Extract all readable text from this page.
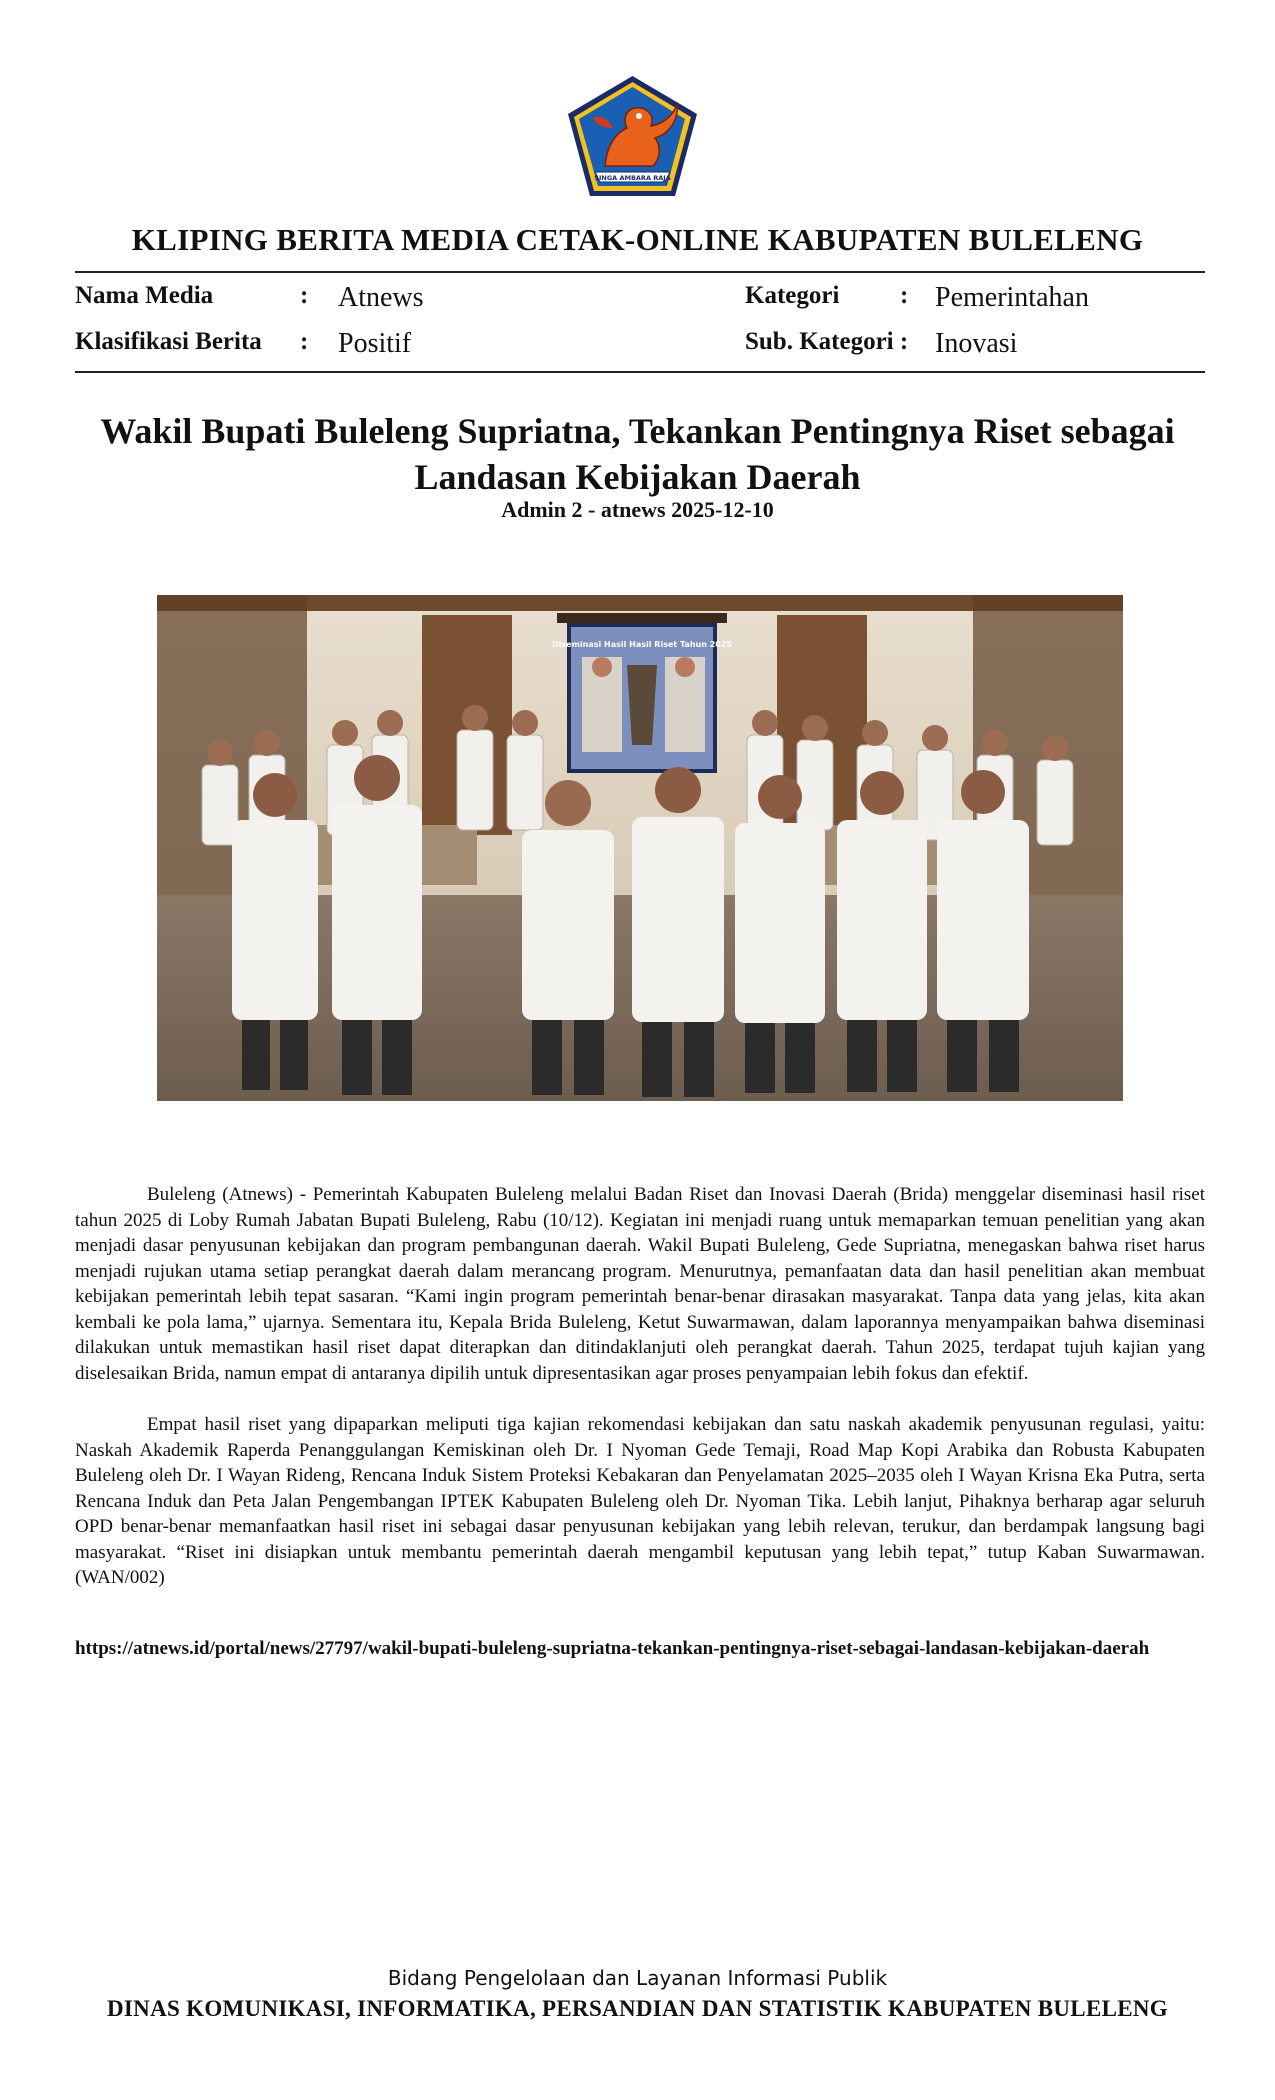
SINGA AMBARA RAJA
KLIPING BERITA MEDIA CETAK-ONLINE KABUPATEN BULELENG
Nama Media	: Atnews
Klasifikasi Berita : Positif
Kategori : Pemerintahan
Sub. Kategori : Inovasi
Wakil Bupati Buleleng Supriatna, Tekankan Pentingnya Riset sebagai Landasan Kebijakan Daerah
Admin 2 - atnews 2025-12-10
Diseminasi Hasil Hasil Riset Tahun 2025

Buleleng (Atnews) - Pemerintah Kabupaten Buleleng melalui Badan Riset dan Inovasi Daerah (Brida) menggelar diseminasi hasil riset tahun 2025 di Loby Rumah Jabatan Bupati Buleleng, Rabu (10/12). Kegiatan ini menjadi ruang untuk memaparkan temuan penelitian yang akan menjadi dasar penyusunan kebijakan dan program pembangunan daerah. Wakil Bupati Buleleng, Gede Supriatna, menegaskan bahwa riset harus menjadi rujukan utama setiap perangkat daerah dalam merancang program. Menurutnya, pemanfaatan data dan hasil penelitian akan membuat kebijakan pemerintah lebih tepat sasaran. “Kami ingin program pemerintah benar-benar dirasakan masyarakat. Tanpa data yang jelas, kita akan kembali ke pola lama,” ujarnya. Sementara itu, Kepala Brida Buleleng, Ketut Suwarmawan, dalam laporannya menyampaikan bahwa diseminasi dilakukan untuk memastikan hasil riset dapat diterapkan dan ditindaklanjuti oleh perangkat daerah. Tahun 2025, terdapat tujuh kajian yang diselesaikan Brida, namun empat di antaranya dipilih untuk dipresentasikan agar proses penyampaian lebih fokus dan efektif.

Empat hasil riset yang dipaparkan meliputi tiga kajian rekomendasi kebijakan dan satu naskah akademik penyusunan regulasi, yaitu: Naskah Akademik Raperda Penanggulangan Kemiskinan oleh Dr. I Nyoman Gede Temaji, Road Map Kopi Arabika dan Robusta Kabupaten Buleleng oleh Dr. I Wayan Rideng, Rencana Induk Sistem Proteksi Kebakaran dan Penyelamatan 2025–2035 oleh I Wayan Krisna Eka Putra, serta Rencana Induk dan Peta Jalan Pengembangan IPTEK Kabupaten Buleleng oleh Dr. Nyoman Tika. Lebih lanjut, Pihaknya berharap agar seluruh OPD benar-benar memanfaatkan hasil riset ini sebagai dasar penyusunan kebijakan yang lebih relevan, terukur, dan berdampak langsung bagi masyarakat. “Riset ini disiapkan untuk membantu pemerintah daerah mengambil keputusan yang lebih tepat,” tutup Kaban Suwarmawan. (WAN/002)

https://atnews.id/portal/news/27797/wakil-bupati-buleleng-supriatna-tekankan-pentingnya-riset-sebagai-landasan-kebijakan-daerah
Bidang Pengelolaan dan Layanan Informasi Publik
DINAS KOMUNIKASI, INFORMATIKA, PERSANDIAN DAN STATISTIK KABUPATEN BULELENG
